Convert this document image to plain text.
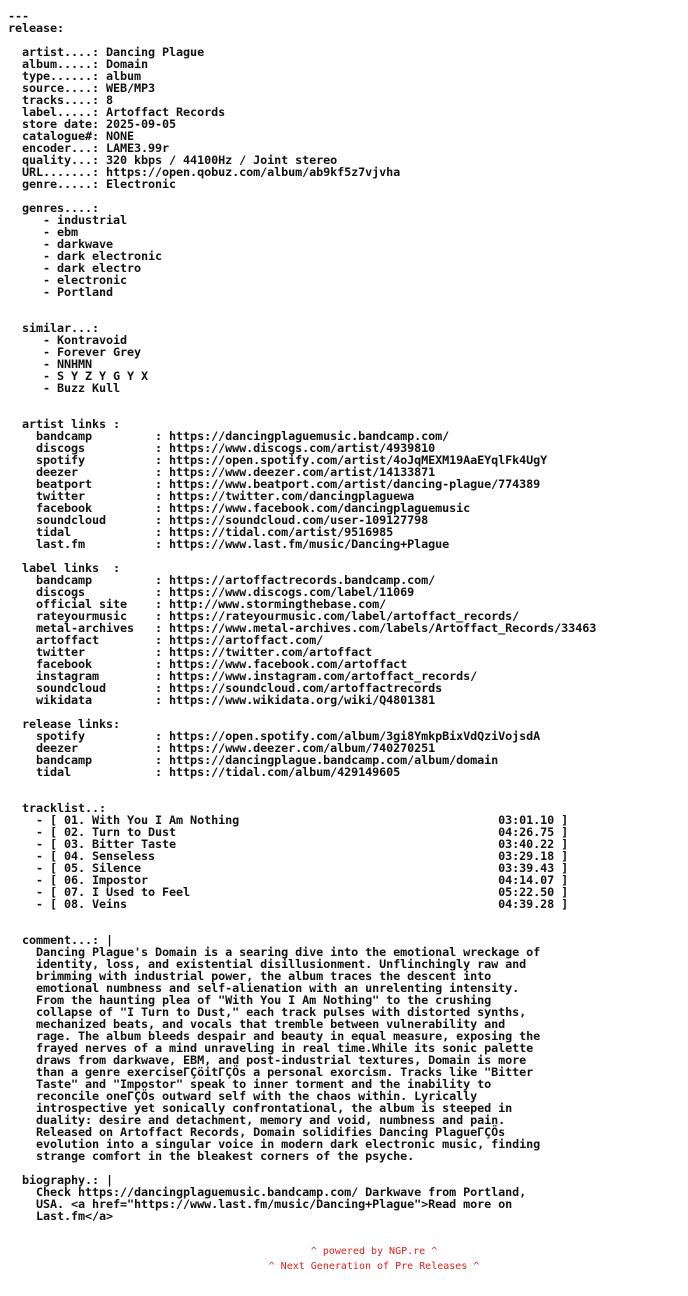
---
release:

artist....: Dancing Plague
album.....: Domain
type......: album
source....: WEB/MP3
tracks....: 8
label.....: Artoffact Records
store date: 2025-09-05
catalogue#: NONE
encoder...: LAME3.99r
quality...: 320 kbps / 44100Hz / Joint stereo
URL.......: https://open.qobuz.com/album/ab9kf5z7vjvha
genre.....: Electronic

genres....:
- industrial
- ebm
- darkwave
- dark electronic
- dark electro
- electronic
- Portland

similar...:
- Kontravoid
- Forever Grey
- NNHMN
- S Y Z Y G Y X
- Buzz Kull

artist links :
bandcamp         : https://dancingplaguemusic.bandcamp.com/
discogs          : https://www.discogs.com/artist/4939810
spotify          : https://open.spotify.com/artist/4oJqMEXM19AaEYqlFk4UgY
deezer           : https://www.deezer.com/artist/14133871
beatport         : https://www.beatport.com/artist/dancing-plague/774389
twitter          : https://twitter.com/dancingplaguewa
facebook         : https://www.facebook.com/dancingplaguemusic
soundcloud       : https://soundcloud.com/user-109127798
tidal            : https://tidal.com/artist/9516985
last.fm          : https://www.last.fm/music/Dancing+Plague

label links  :
bandcamp         : https://artoffactrecords.bandcamp.com/
discogs          : https://www.discogs.com/label/11069
official site    : http://www.stormingthebase.com/
rateyourmusic    : https://rateyourmusic.com/label/artoffact_records/
metal-archives   : https://www.metal-archives.com/labels/Artoffact_Records/33463
artoffact        : https://artoffact.com/
twitter          : https://twitter.com/artoffact
facebook         : https://www.facebook.com/artoffact
instagram        : https://www.instagram.com/artoffact_records/
soundcloud       : https://soundcloud.com/artoffactrecords
wikidata         : https://www.wikidata.org/wiki/Q4801381

release links:
spotify          : https://open.spotify.com/album/3gi8YmkpBixVdQziVojsdA
deezer           : https://www.deezer.com/album/740270251
bandcamp         : https://dancingplague.bandcamp.com/album/domain
tidal            : https://tidal.com/album/429149605

tracklist..:
- [ 01. With You I Am Nothing                                     03:01.10 ]
- [ 02. Turn to Dust                                              04:26.75 ]
- [ 03. Bitter Taste                                              03:40.22 ]
- [ 04. Senseless                                                 03:29.18 ]
- [ 05. Silence                                                   03:39.43 ]
- [ 06. Impostor                                                  04:14.07 ]
- [ 07. I Used to Feel                                            05:22.50 ]
- [ 08. Veins                                                     04:39.28 ]

comment...: |
Dancing Plague's Domain is a searing dive into the emotional wreckage of
identity, loss, and existential disillusionment. Unflinchingly raw and
brimming with industrial power, the album traces the descent into
emotional numbness and self-alienation with an unrelenting intensity.
From the haunting plea of "With You I Am Nothing" to the crushing
collapse of "I Turn to Dust," each track pulses with distorted synths,
mechanized beats, and vocals that tremble between vulnerability and
rage. The album bleeds despair and beauty in equal measure, exposing the
frayed nerves of a mind unraveling in real time.While its sonic palette
draws from darkwave, EBM, and post-industrial textures, Domain is more
than a genre exerciseΓÇöitΓÇÖs a personal exorcism. Tracks like "Bitter
Taste" and "Impostor" speak to inner torment and the inability to
reconcile oneΓÇÖs outward self with the chaos within. Lyrically
introspective yet sonically confrontational, the album is steeped in
duality: desire and detachment, memory and void, numbness and pain.
Released on Artoffact Records, Domain solidifies Dancing PlagueΓÇÖs
evolution into a singular voice in modern dark electronic music, finding
strange comfort in the bleakest corners of the psyche.

biography.: |
Check https://dancingplaguemusic.bandcamp.com/ Darkwave from Portland,
USA. <a href="https://www.last.fm/music/Dancing+Plague">Read more on
Last.fm</a>
^ powered by NGP.re ^
^ Next Generation of Pre Releases ^
